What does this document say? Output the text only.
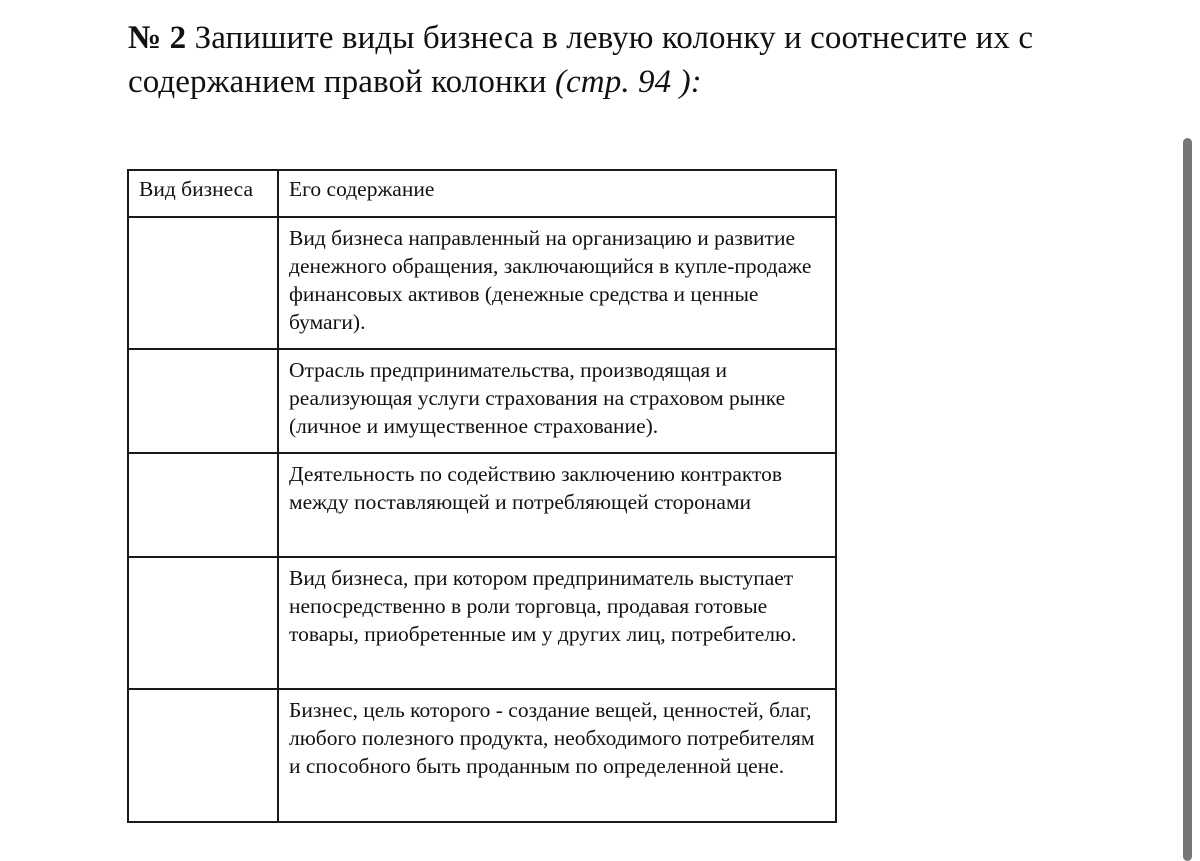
№ 2 Запишите виды бизнеса в левую колонку и соотнесите их с содержанием правой колонки (стр. 94 ):
Вид бизнеса	Его содержание
	Вид бизнеса направленный на организацию и развитие денежного обращения, заключающийся в купле-продаже финансовых активов (денежные средства и ценные бумаги).
	Отрасль предпринимательства, производящая и реализующая услуги страхования на страховом рынке (личное и имущественное страхование).
	Деятельность по содействию заключению контрактов между поставляющей и потребляющей сторонами
	Вид бизнеса, при котором предприниматель выступает непосредственно в роли торговца, продавая готовые товары, приобретенные им у других лиц, потребителю.
	Бизнес, цель которого - создание вещей, ценностей, благ, любого полезного продукта, необходимого потребителям и способного быть проданным по определенной цене.
